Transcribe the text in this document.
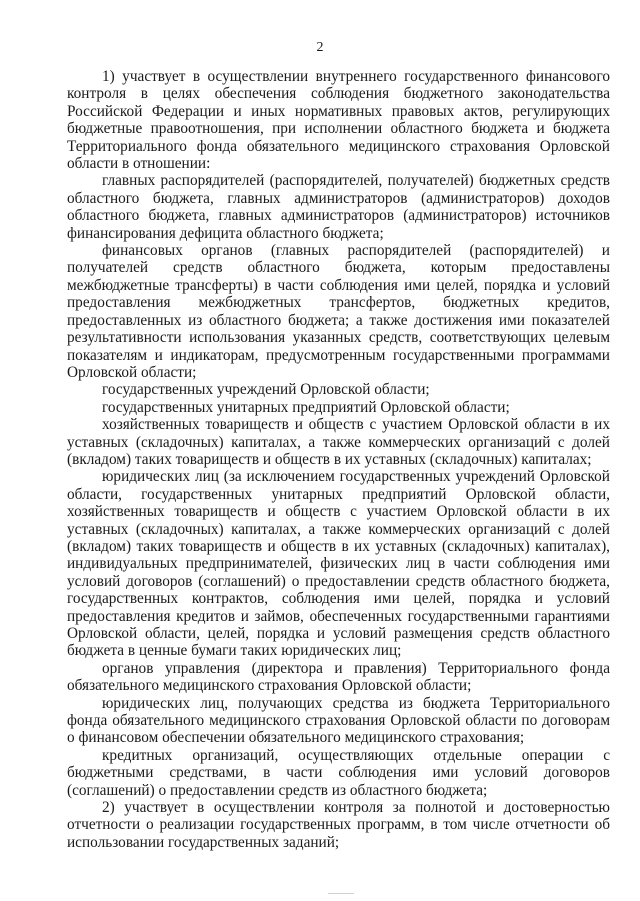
2

1) участвует в осуществлении внутреннего государственного финансового контроля в целях обеспечения соблюдения бюджетного законодательства Российской Федерации и иных нормативных правовых актов, регулирующих бюджетные правоотношения, при исполнении областного бюджета и бюджета Территориального фонда обязательного медицинского страхования Орловской области в отношении:

главных распорядителей (распорядителей, получателей) бюджетных средств областного бюджета, главных администраторов (администраторов) доходов областного бюджета, главных администраторов (администраторов) источников финансирования дефицита областного бюджета;

финансовых органов (главных распорядителей (распорядителей) и получателей средств областного бюджета, которым предоставлены межбюджетные трансферты) в части соблюдения ими целей, порядка и условий предоставления межбюджетных трансфертов, бюджетных кредитов, предоставленных из областного бюджета; а также достижения ими показателей результативности использования указанных средств, соответствующих целевым показателям и индикаторам, предусмотренным государственными программами Орловской области;

государственных учреждений Орловской области;

государственных унитарных предприятий Орловской области;

хозяйственных товариществ и обществ с участием Орловской области в их уставных (складочных) капиталах, а также коммерческих организаций с долей (вкладом) таких товариществ и обществ в их уставных (складочных) капиталах;

юридических лиц (за исключением государственных учреждений Орловской области, государственных унитарных предприятий Орловской области, хозяйственных товариществ и обществ с участием Орловской области в их уставных (складочных) капиталах, а также коммерческих организаций с долей (вкладом) таких товариществ и обществ в их уставных (складочных) капиталах), индивидуальных предпринимателей, физических лиц в части соблюдения ими условий договоров (соглашений) о предоставлении средств областного бюджета, государственных контрактов, соблюдения ими целей, порядка и условий предоставления кредитов и займов, обеспеченных государственными гарантиями Орловской области, целей, порядка и условий размещения средств областного бюджета в ценные бумаги таких юридических лиц;

органов управления (директора и правления) Территориального фонда обязательного медицинского страхования Орловской области;

юридических лиц, получающих средства из бюджета Территориального фонда обязательного медицинского страхования Орловской области по договорам о финансовом обеспечении обязательного медицинского страхования;

кредитных организаций, осуществляющих отдельные операции с бюджетными средствами, в части соблюдения ими условий договоров (соглашений) о предоставлении средств из областного бюджета;

2) участвует в осуществлении контроля за полнотой и достоверностью отчетности о реализации государственных программ, в том числе отчетности об использовании государственных заданий;
